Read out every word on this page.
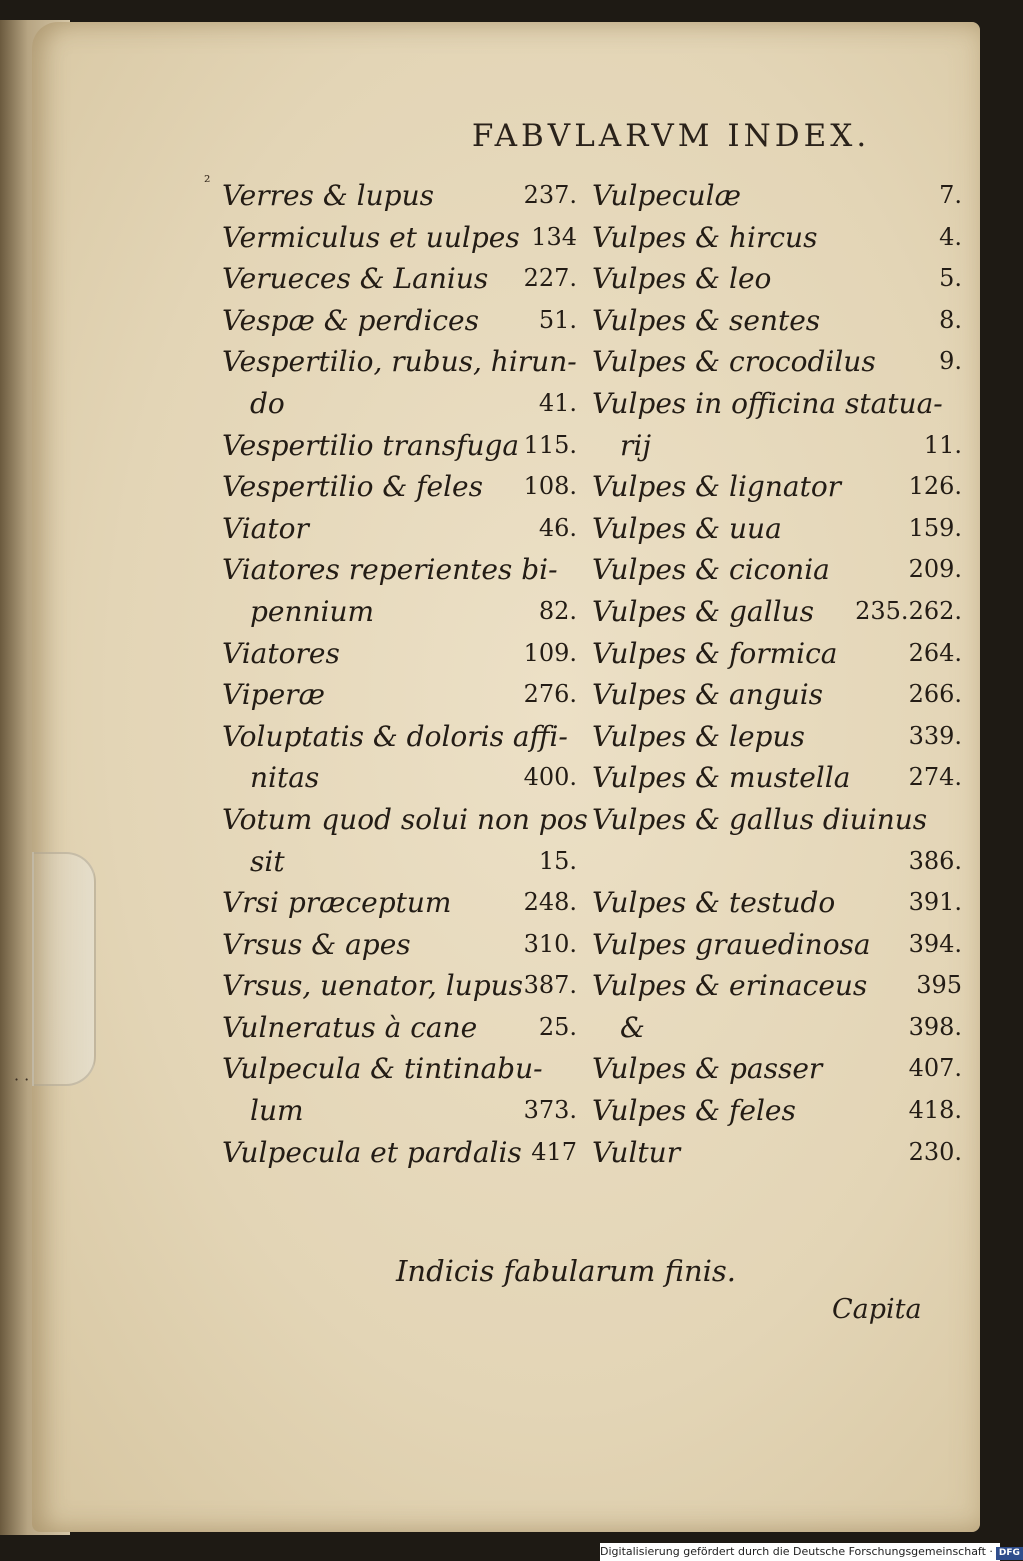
FABVLARVM INDEX.
Verres & lupus	237.
Vermiculus et uulpes 134
Verueces & Lanius 227.
Vespæ & perdices 51.
Vespertilio, rubus, hirun-
do	41.
Vespertilio transfuga 115.
Vespertilio & feles 108.
Viator	46.
Viatores reperientes bi-
pennium	82.
Viatores	109.
Viperæ	276.
Voluptatis & doloris affi-
nitas	400.
Votum quod solui non pos
sit	15.
Vrsi præceptum	248.
Vrsus & apes	310.
Vrsus, uenator, lupus 387.
Vulneratus à cane	25.
Vulpecula & tintinabu-
lum	373.
Vulpecula et pardalis 417
Vulpeculæ	7.
Vulpes & hircus	4.
Vulpes & leo	5.
Vulpes & sentes	8.
Vulpes & crocodilus	9.
Vulpes in officina statua-
rij	11.
Vulpes & lignator	126.
Vulpes & uua	159.
Vulpes & ciconia	209.
Vulpes & gallus 235.262.
Vulpes & formica	264.
Vulpes & anguis	266.
Vulpes & lepus	339.
Vulpes & mustella 274.
Vulpes & gallus diuinus
386.
Vulpes & testudo	391.
Vulpes grauedinosa 394.
Vulpes & erinaceus 395
&	398.
Vulpes & passer	407.
Vulpes & feles	418.
Vultur	230.
Indicis fabularum finis.
Capita
²
· ·
Digitalisierung gefördert durch die Deutsche Forschungsgemeinschaft · DFG
